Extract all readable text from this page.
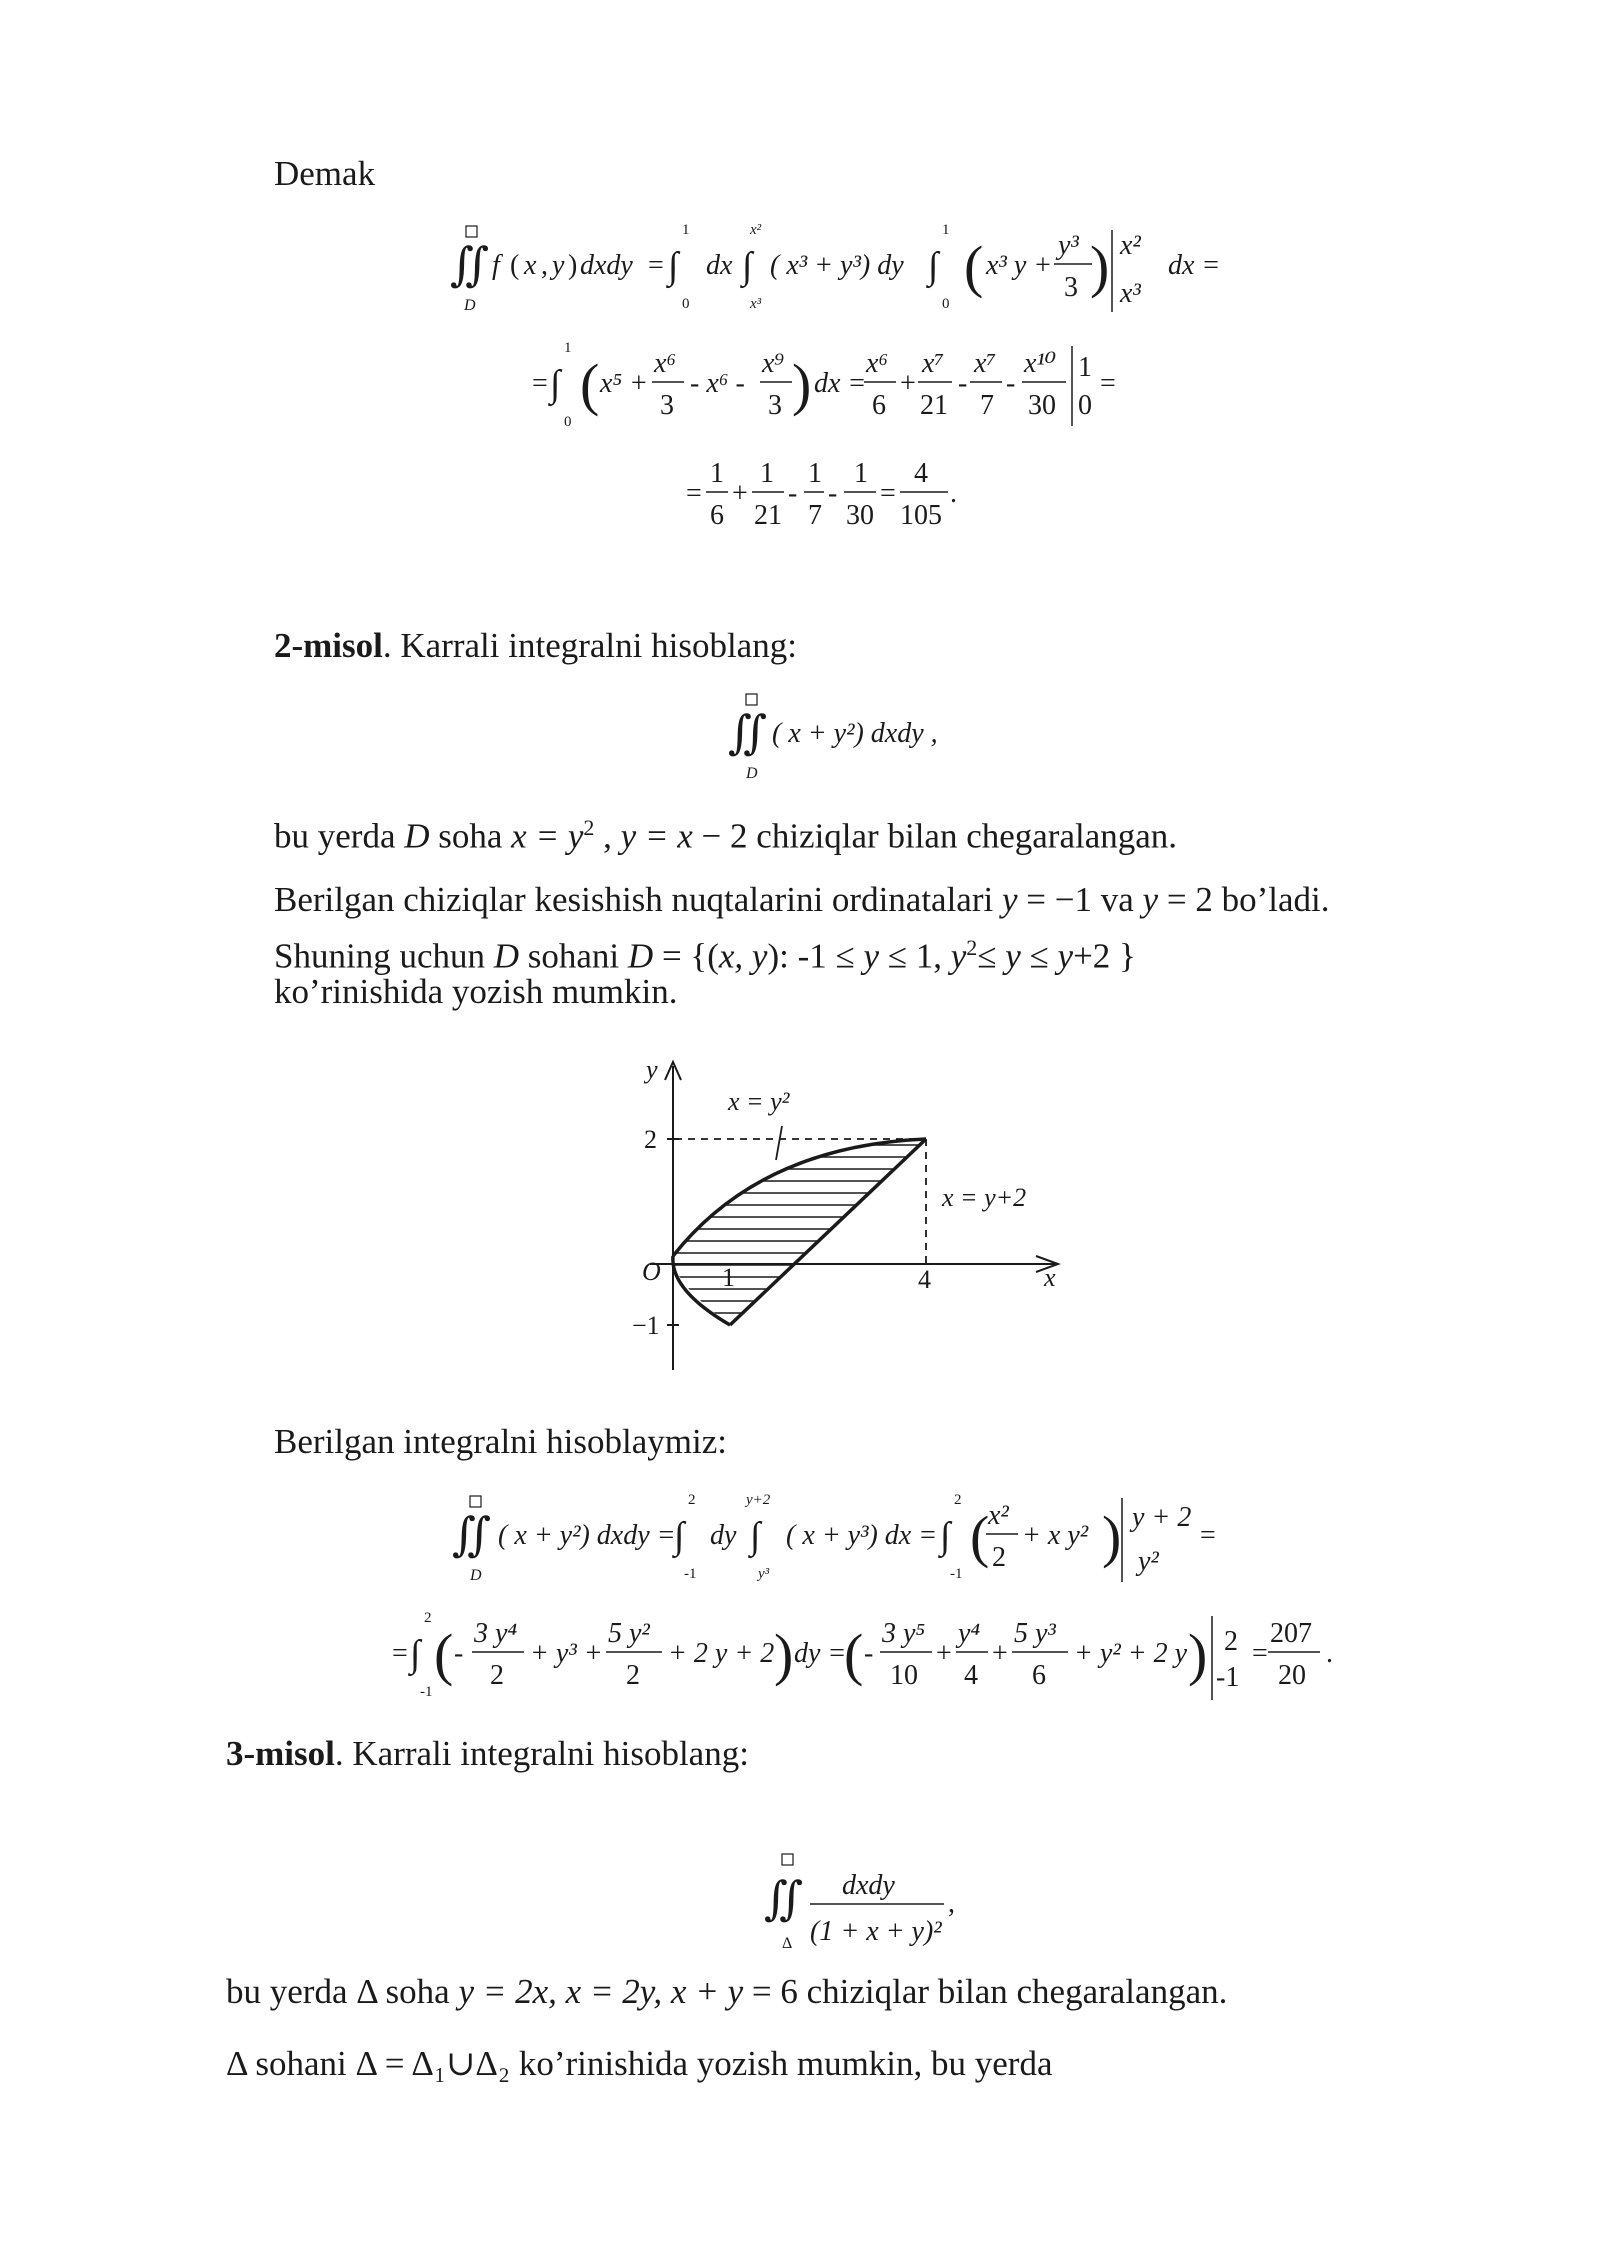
Demak
∬
D
f ( x , y ) dxdy = ∫
1
0
dx ∫
x²
x³
( x³ + y³) dy ∫
1
0
( x³ y +
y³
3 ) x²
x³
dx =
= ∫
1
0
( x⁵ +
x⁶
3
- x⁶ -
x⁹
3 ) dx =
x⁶
6
+
x⁷
21
-
x⁷
7
-
x¹⁰
30
1
0
=
=
1
6
+
1
21
-
1
7
-
1
30
=
4
105
.
2-misol. Karrali integralni hisoblang:
∬
D
( x + y²) dxdy ,
bu yerda D soha $x = y^2$ , y = x − 2 chiziqlar bilan chegaralangan.
Berilgan chiziqlar kesishish nuqtalarini ordinatalari y = −1 va y = 2 bo’ladi.
Shuning uchun D sohani D = {(x, y): -1 ≤ y ≤ 1, $y^2\le y \le y+2$ }
ko’rinishida yozish mumkin.
y
x
O
2
−1
1	4
x = y²
x = y+2
Berilgan integralni hisoblaymiz:
∬
D
( x + y²) dxdy =
∫
2
-1
dy ∫
y+2
y³
( x + y³) dx = ∫
2
-1
(
x²
2
+ x y² ) y + 2
y²
=
= ∫
2
-1
( -
3 y⁴
2
+ y³ +
5 y²
2
+ 2 y + 2 ) dy =
( -
3 y⁵
10
+
y⁴
4
+
5 y³
6
+ y² + 2 y ) 2
-1
=
207
20
.
3-misol. Karrali integralni hisoblang:
∬
Δ
dxdy
(1 + x + y)²
,
bu yerda Δ soha y = 2x, x = 2y, x + y = 6 chiziqlar bilan chegaralangan.
Δ sohani Δ = Δ₁∪Δ₂ ko’rinishida yozish mumkin, bu yerda
